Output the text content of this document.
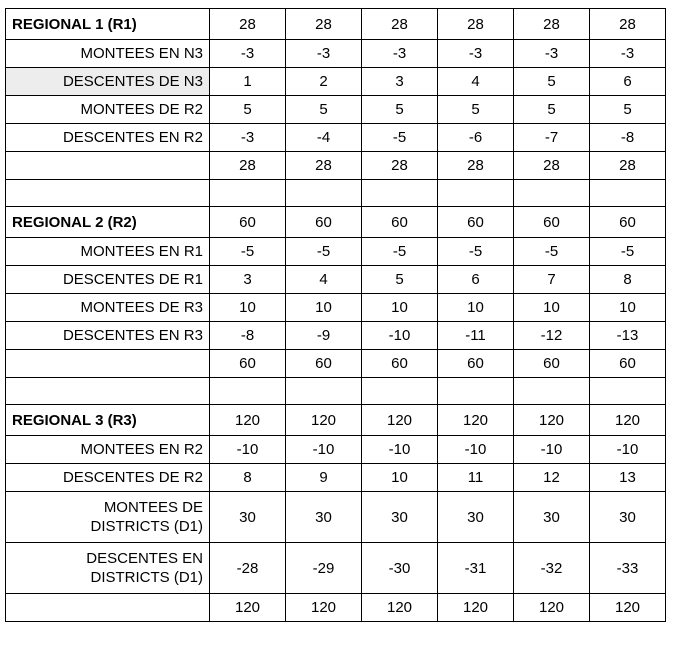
REGIONAL 1 (R1)	28	28	28	28	28	28
MONTEES EN N3	-3	-3	-3	-3	-3	-3
DESCENTES DE N3	1	2	3	4	5	6
MONTEES DE R2	5	5	5	5	5	5
DESCENTES EN R2	-3	-4	-5	-6	-7	-8
	28	28	28	28	28	28

REGIONAL 2 (R2)	60	60	60	60	60	60
MONTEES EN R1	-5	-5	-5	-5	-5	-5
DESCENTES DE R1	3	4	5	6	7	8
MONTEES DE R3	10	10	10	10	10	10
DESCENTES EN R3	-8	-9	-10	-11	-12	-13
	60	60	60	60	60	60

REGIONAL 3 (R3)	120	120	120	120	120	120
MONTEES EN R2	-10	-10	-10	-10	-10	-10
DESCENTES DE R2	8	9	10	11	12	13
MONTEES DE
DISTRICTS (D1)	30	30	30	30	30	30
DESCENTES EN
DISTRICTS (D1)	-28	-29	-30	-31	-32	-33
	120	120	120	120	120	120
